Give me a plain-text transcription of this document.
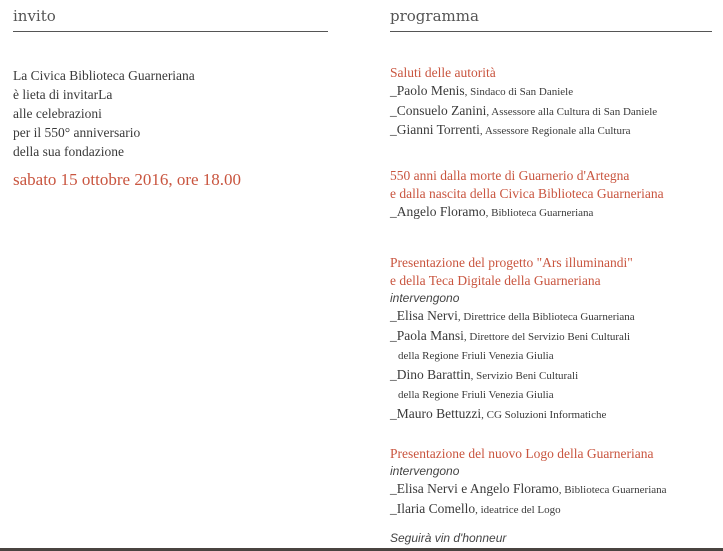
invito
La Civica Biblioteca Guarneriana
è lieta di invitarLa
alle celebrazioni
per il 550° anniversario
della sua fondazione
sabato 15 ottobre 2016, ore 18.00
programma
Saluti delle autorità
_Paolo Menis, Sindaco di San Daniele
_Consuelo Zanini, Assessore alla Cultura di San Daniele
_Gianni Torrenti, Assessore Regionale alla Cultura
550 anni dalla morte di Guarnerio d'Artegna
e dalla nascita della Civica Biblioteca Guarneriana
_Angelo Floramo, Biblioteca Guarneriana
Presentazione del progetto "Ars illuminandi"
e della Teca Digitale della Guarneriana
intervengono
_Elisa Nervi, Direttrice della Biblioteca Guarneriana
_Paola Mansi, Direttore del Servizio Beni Culturali
della Regione Friuli Venezia Giulia
_Dino Barattin, Servizio Beni Culturali
della Regione Friuli Venezia Giulia
_Mauro Bettuzzi, CG Soluzioni Informatiche
Presentazione del nuovo Logo della Guarneriana
intervengono
_Elisa Nervi e Angelo Floramo, Biblioteca Guarneriana
_Ilaria Comello, ideatrice del Logo
Seguirà vin d'honneur
